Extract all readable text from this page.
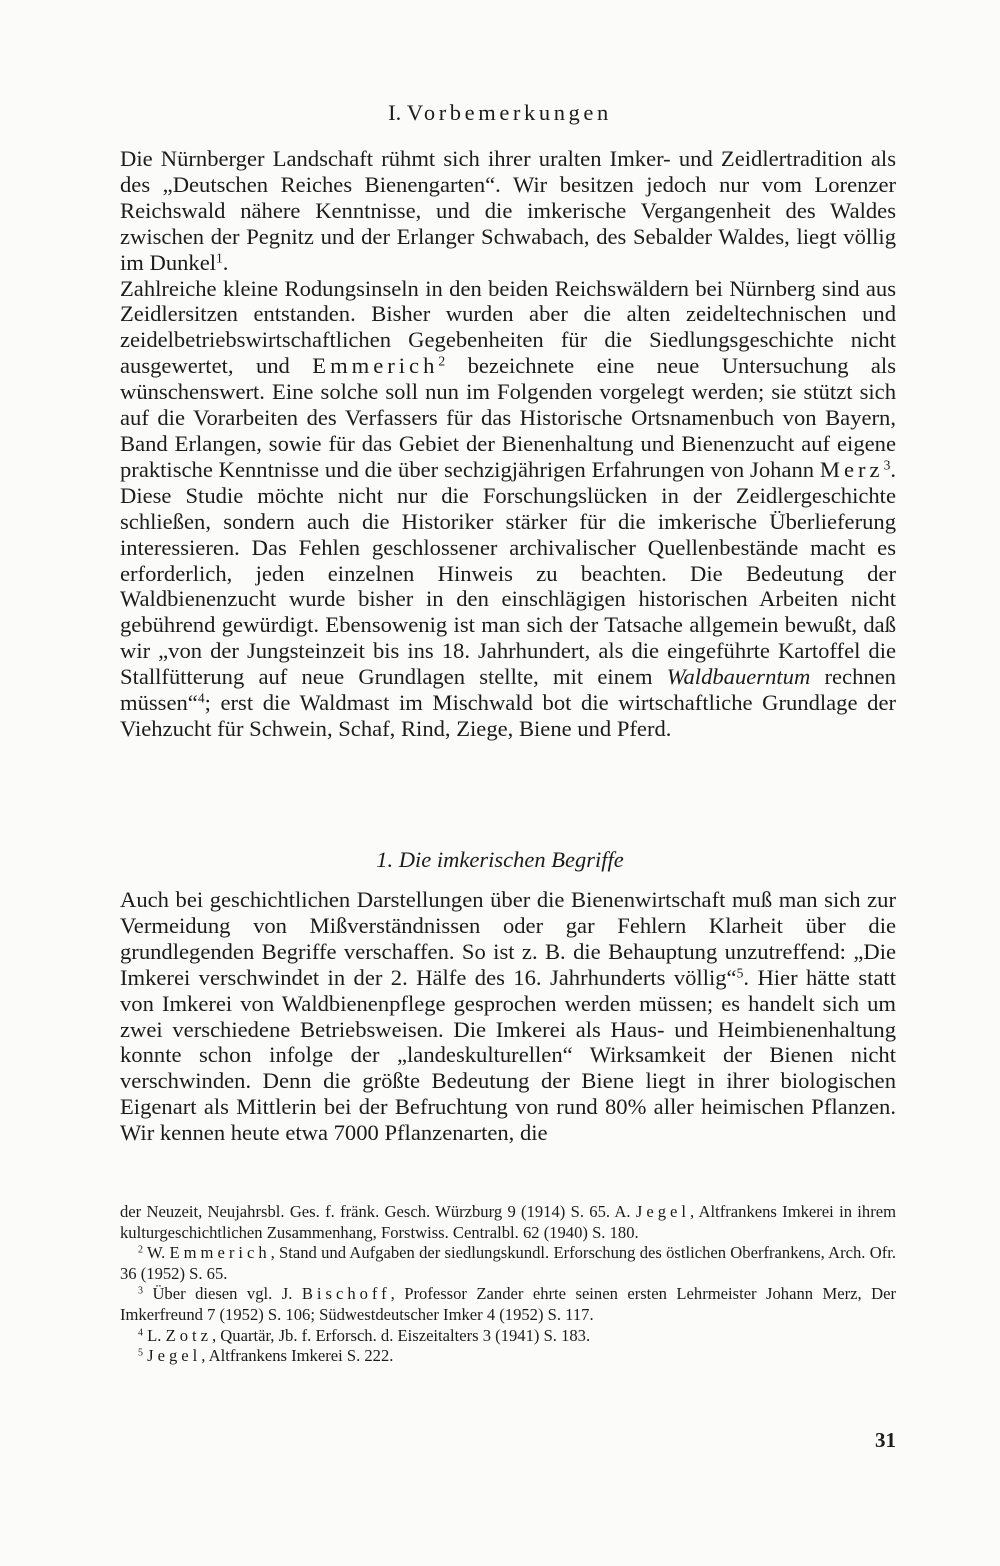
I. Vorbemerkungen

Die Nürnberger Landschaft rühmt sich ihrer uralten Imker- und Zeidlertradition als des „Deutschen Reiches Bienengarten“. Wir besitzen jedoch nur vom Lorenzer Reichswald nähere Kenntnisse, und die imkerische Vergangenheit des Waldes zwischen der Pegnitz und der Erlanger Schwabach, des Sebalder Waldes, liegt völlig im Dunkel$^1$.

Zahlreiche kleine Rodungsinseln in den beiden Reichswäldern bei Nürnberg sind aus Zeidlersitzen entstanden. Bisher wurden aber die alten zeideltechnischen und zeidelbetriebswirtschaftlichen Gegebenheiten für die Siedlungsgeschichte nicht ausgewertet, und Emmerich$^2$ bezeichnete eine neue Untersuchung als wünschenswert. Eine solche soll nun im Folgenden vorgelegt werden; sie stützt sich auf die Vorarbeiten des Verfassers für das Historische Ortsnamenbuch von Bayern, Band Erlangen, sowie für das Gebiet der Bienenhaltung und Bienenzucht auf eigene praktische Kenntnisse und die über sechzigjährigen Erfahrungen von Johann Merz$^3$. Diese Studie möchte nicht nur die Forschungslücken in der Zeidlergeschichte schließen, sondern auch die Historiker stärker für die imkerische Überlieferung interessieren. Das Fehlen geschlossener archivalischer Quellenbestände macht es erforderlich, jeden einzelnen Hinweis zu beachten. Die Bedeutung der Waldbienenzucht wurde bisher in den einschlägigen historischen Arbeiten nicht gebührend gewürdigt. Ebensowenig ist man sich der Tatsache allgemein bewußt, daß wir „von der Jungsteinzeit bis ins 18. Jahrhundert, als die eingeführte Kartoffel die Stallfütterung auf neue Grundlagen stellte, mit einem Waldbauerntum rechnen müssen“$^4$; erst die Waldmast im Mischwald bot die wirtschaftliche Grundlage der Viehzucht für Schwein, Schaf, Rind, Ziege, Biene und Pferd.

1. Die imkerischen Begriffe

Auch bei geschichtlichen Darstellungen über die Bienenwirtschaft muß man sich zur Vermeidung von Mißverständnissen oder gar Fehlern Klarheit über die grundlegenden Begriffe verschaffen. So ist z. B. die Behauptung unzutreffend: „Die Imkerei verschwindet in der 2. Hälfe des 16. Jahrhunderts völlig“$^5$. Hier hätte statt von Imkerei von Waldbienenpflege gesprochen werden müssen; es handelt sich um zwei verschiedene Betriebsweisen. Die Imkerei als Haus- und Heimbienenhaltung konnte schon infolge der „landeskulturellen“ Wirksamkeit der Bienen nicht verschwinden. Denn die größte Bedeutung der Biene liegt in ihrer biologischen Eigenart als Mittlerin bei der Befruchtung von rund 80% aller heimischen Pflanzen. Wir kennen heute etwa 7000 Pflanzenarten, die

der Neuzeit, Neujahrsbl. Ges. f. fränk. Gesch. Würzburg 9 (1914) S. 65. A. Jegel, Altfrankens Imkerei in ihrem kulturgeschichtlichen Zusammenhang, Forstwiss. Centralbl. 62 (1940) S. 180.

$^2$ W. Emmerich, Stand und Aufgaben der siedlungskundl. Erforschung des östlichen Oberfrankens, Arch. Ofr. 36 (1952) S. 65.

$^3$ Über diesen vgl. J. Bischoff, Professor Zander ehrte seinen ersten Lehrmeister Johann Merz, Der Imkerfreund 7 (1952) S. 106; Südwestdeutscher Imker 4 (1952) S. 117.

$^4$ L. Zotz, Quartär, Jb. f. Erforsch. d. Eiszeitalters 3 (1941) S. 183.

$^5$ Jegel, Altfrankens Imkerei S. 222.

31
